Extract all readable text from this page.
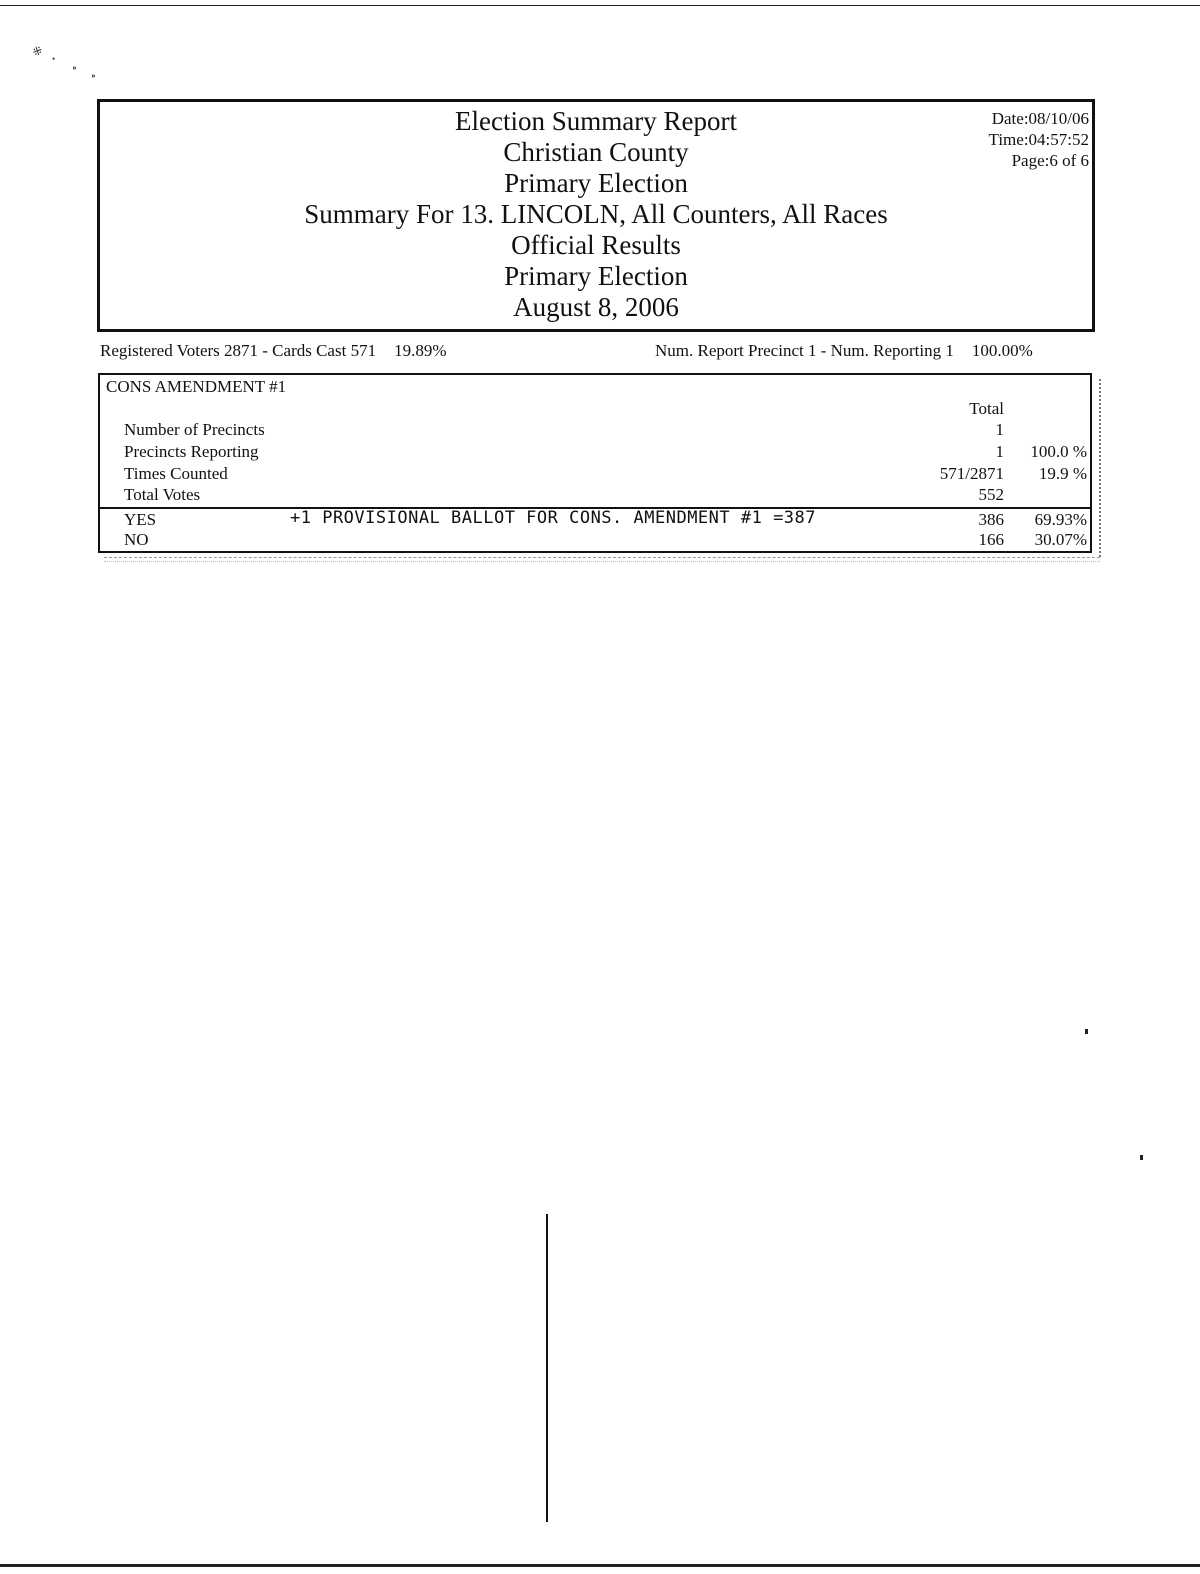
※ •
⁍
⁍
Election Summary Report
Christian County
Primary Election
Summary For 13. LINCOLN, All Counters, All Races
Official Results
Primary Election
August 8, 2006
Date:08/10/06
Time:04:57:52
Page:6 of 6
Registered Voters 2871 - Cards Cast 571 19.89%	Num. Report Precinct 1 - Num. Reporting 1 100.00%
CONS AMENDMENT #1
Total
Number of Precincts	1
Precincts Reporting	1 100.0 %
Times Counted	571/2871 19.9 %
Total Votes	552
YES	386 69.93%
+1 PROVISIONAL BALLOT FOR CONS. AMENDMENT #1 =387
NO	166 30.07%
